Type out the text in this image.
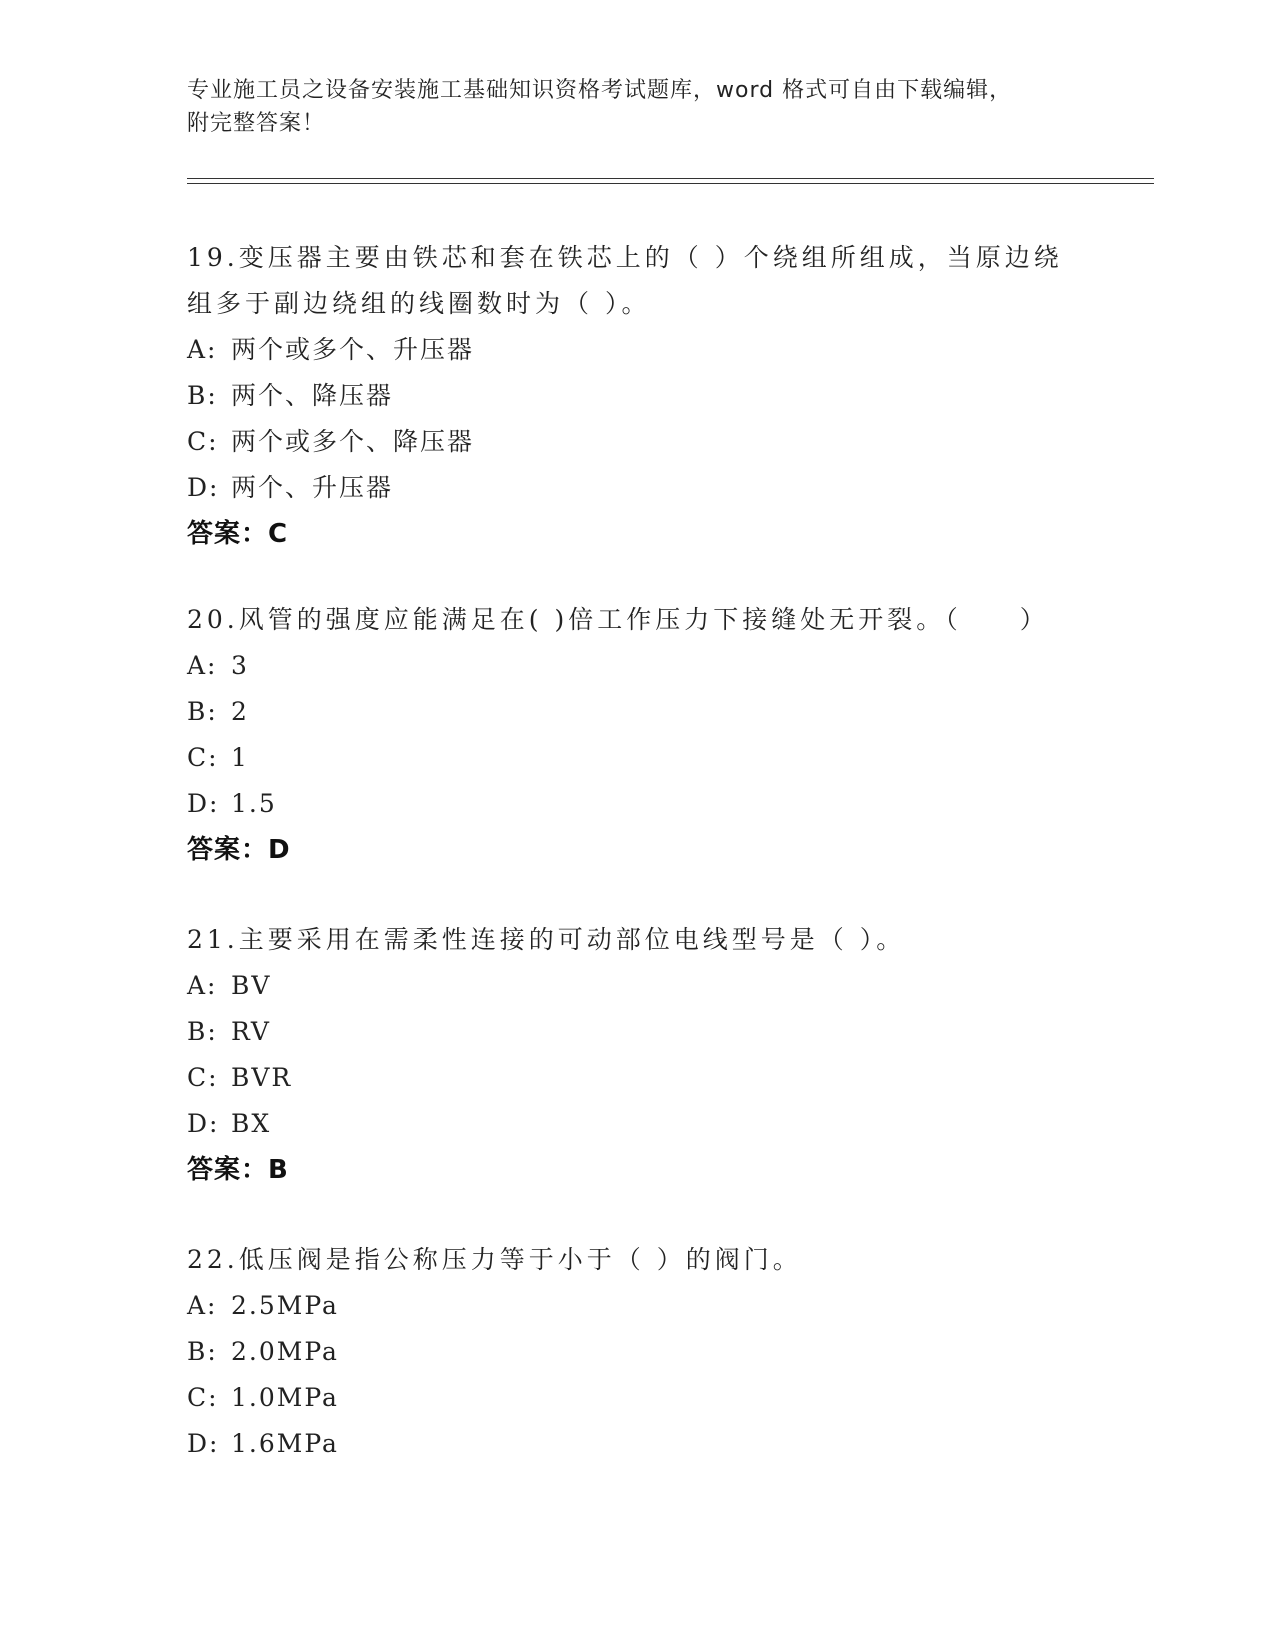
专业施工员之设备安装施工基础知识资格考试题库，word 格式可自由下载编辑，
附完整答案！
19.变压器主要由铁芯和套在铁芯上的（ ）个绕组所组成，当原边绕
组多于副边绕组的线圈数时为（ ）。
A: 两个或多个、升压器
B: 两个、降压器
C: 两个或多个、降压器
D: 两个、升压器
答案：C
20.风管的强度应能满足在( )倍工作压力下接缝处无开裂。（　　）
A: 3
B: 2
C: 1
D: 1.5
答案：D
21.主要采用在需柔性连接的可动部位电线型号是（ ）。
A: BV
B: RV
C: BVR
D: BX
答案：B
22.低压阀是指公称压力等于小于（ ）的阀门。
A: 2.5MPa
B: 2.0MPa
C: 1.0MPa
D: 1.6MPa
